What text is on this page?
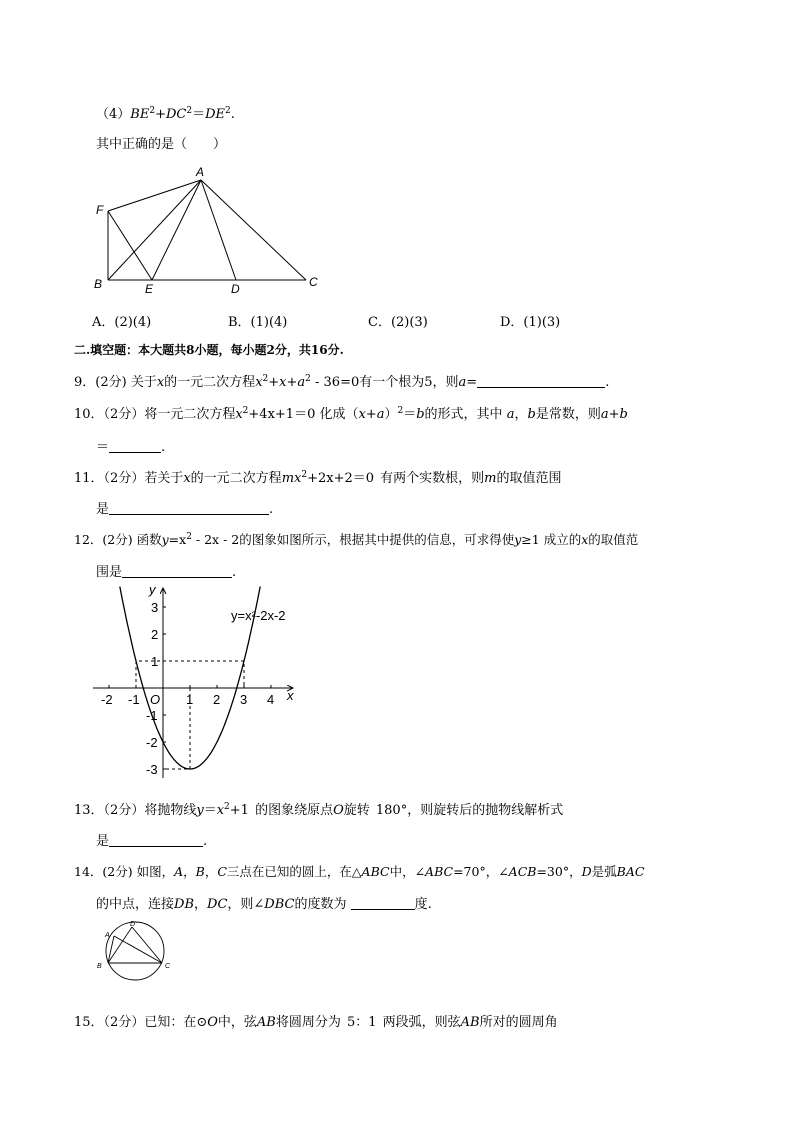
$(4)BE^2+DC^2=DE^2$.
其中正确的是（　　）
A
F
B	E	D	C
A．(2)(4)	B．(1)(4)	C．(2)(3)	D．(1)(3)
二.填空题：本大题共8小题，每小题2分，共16分.
9．(2分) 关于x的一元二次方程$x^2+x+a^2 - 36=0$有一个根为5，则a=	.
10．（2分）将一元二次方程$x^2+4x+1=0$ 化成$(x+a)^2=b$的形式，其中 a，b是常数，则a+b
＝	.
11．（2分）若关于x的一元二次方程$mx^2+2x+2=0$ 有两个实数根，则m的取值范围
是	.
12．(2分) 函数$y=x^2 - 2x - 2$的图象如图所示，根据其中提供的信息，可求得使y≥1 成立的x的取值范
围是	.
-2 -1	1 2 3 4
3
2
1
-1
-2
-3
x
y
O
y=x²-2x-2
13．（2分）将抛物线$y=x^2+1$ 的图象绕原点O旋转 180°，则旋转后的抛物线解析式
是	.
14．(2分) 如图，A，B，C三点在已知的圆上，在△ABC中，∠ABC=70°，∠ACB=30°，D是弧BAC
的中点，连接DB，DC，则∠DBC的度数为	度.
A
D
B	C
15．（2分）已知：在⊙O中，弦AB将圆周分为 5：1 两段弧，则弦AB所对的圆周角
